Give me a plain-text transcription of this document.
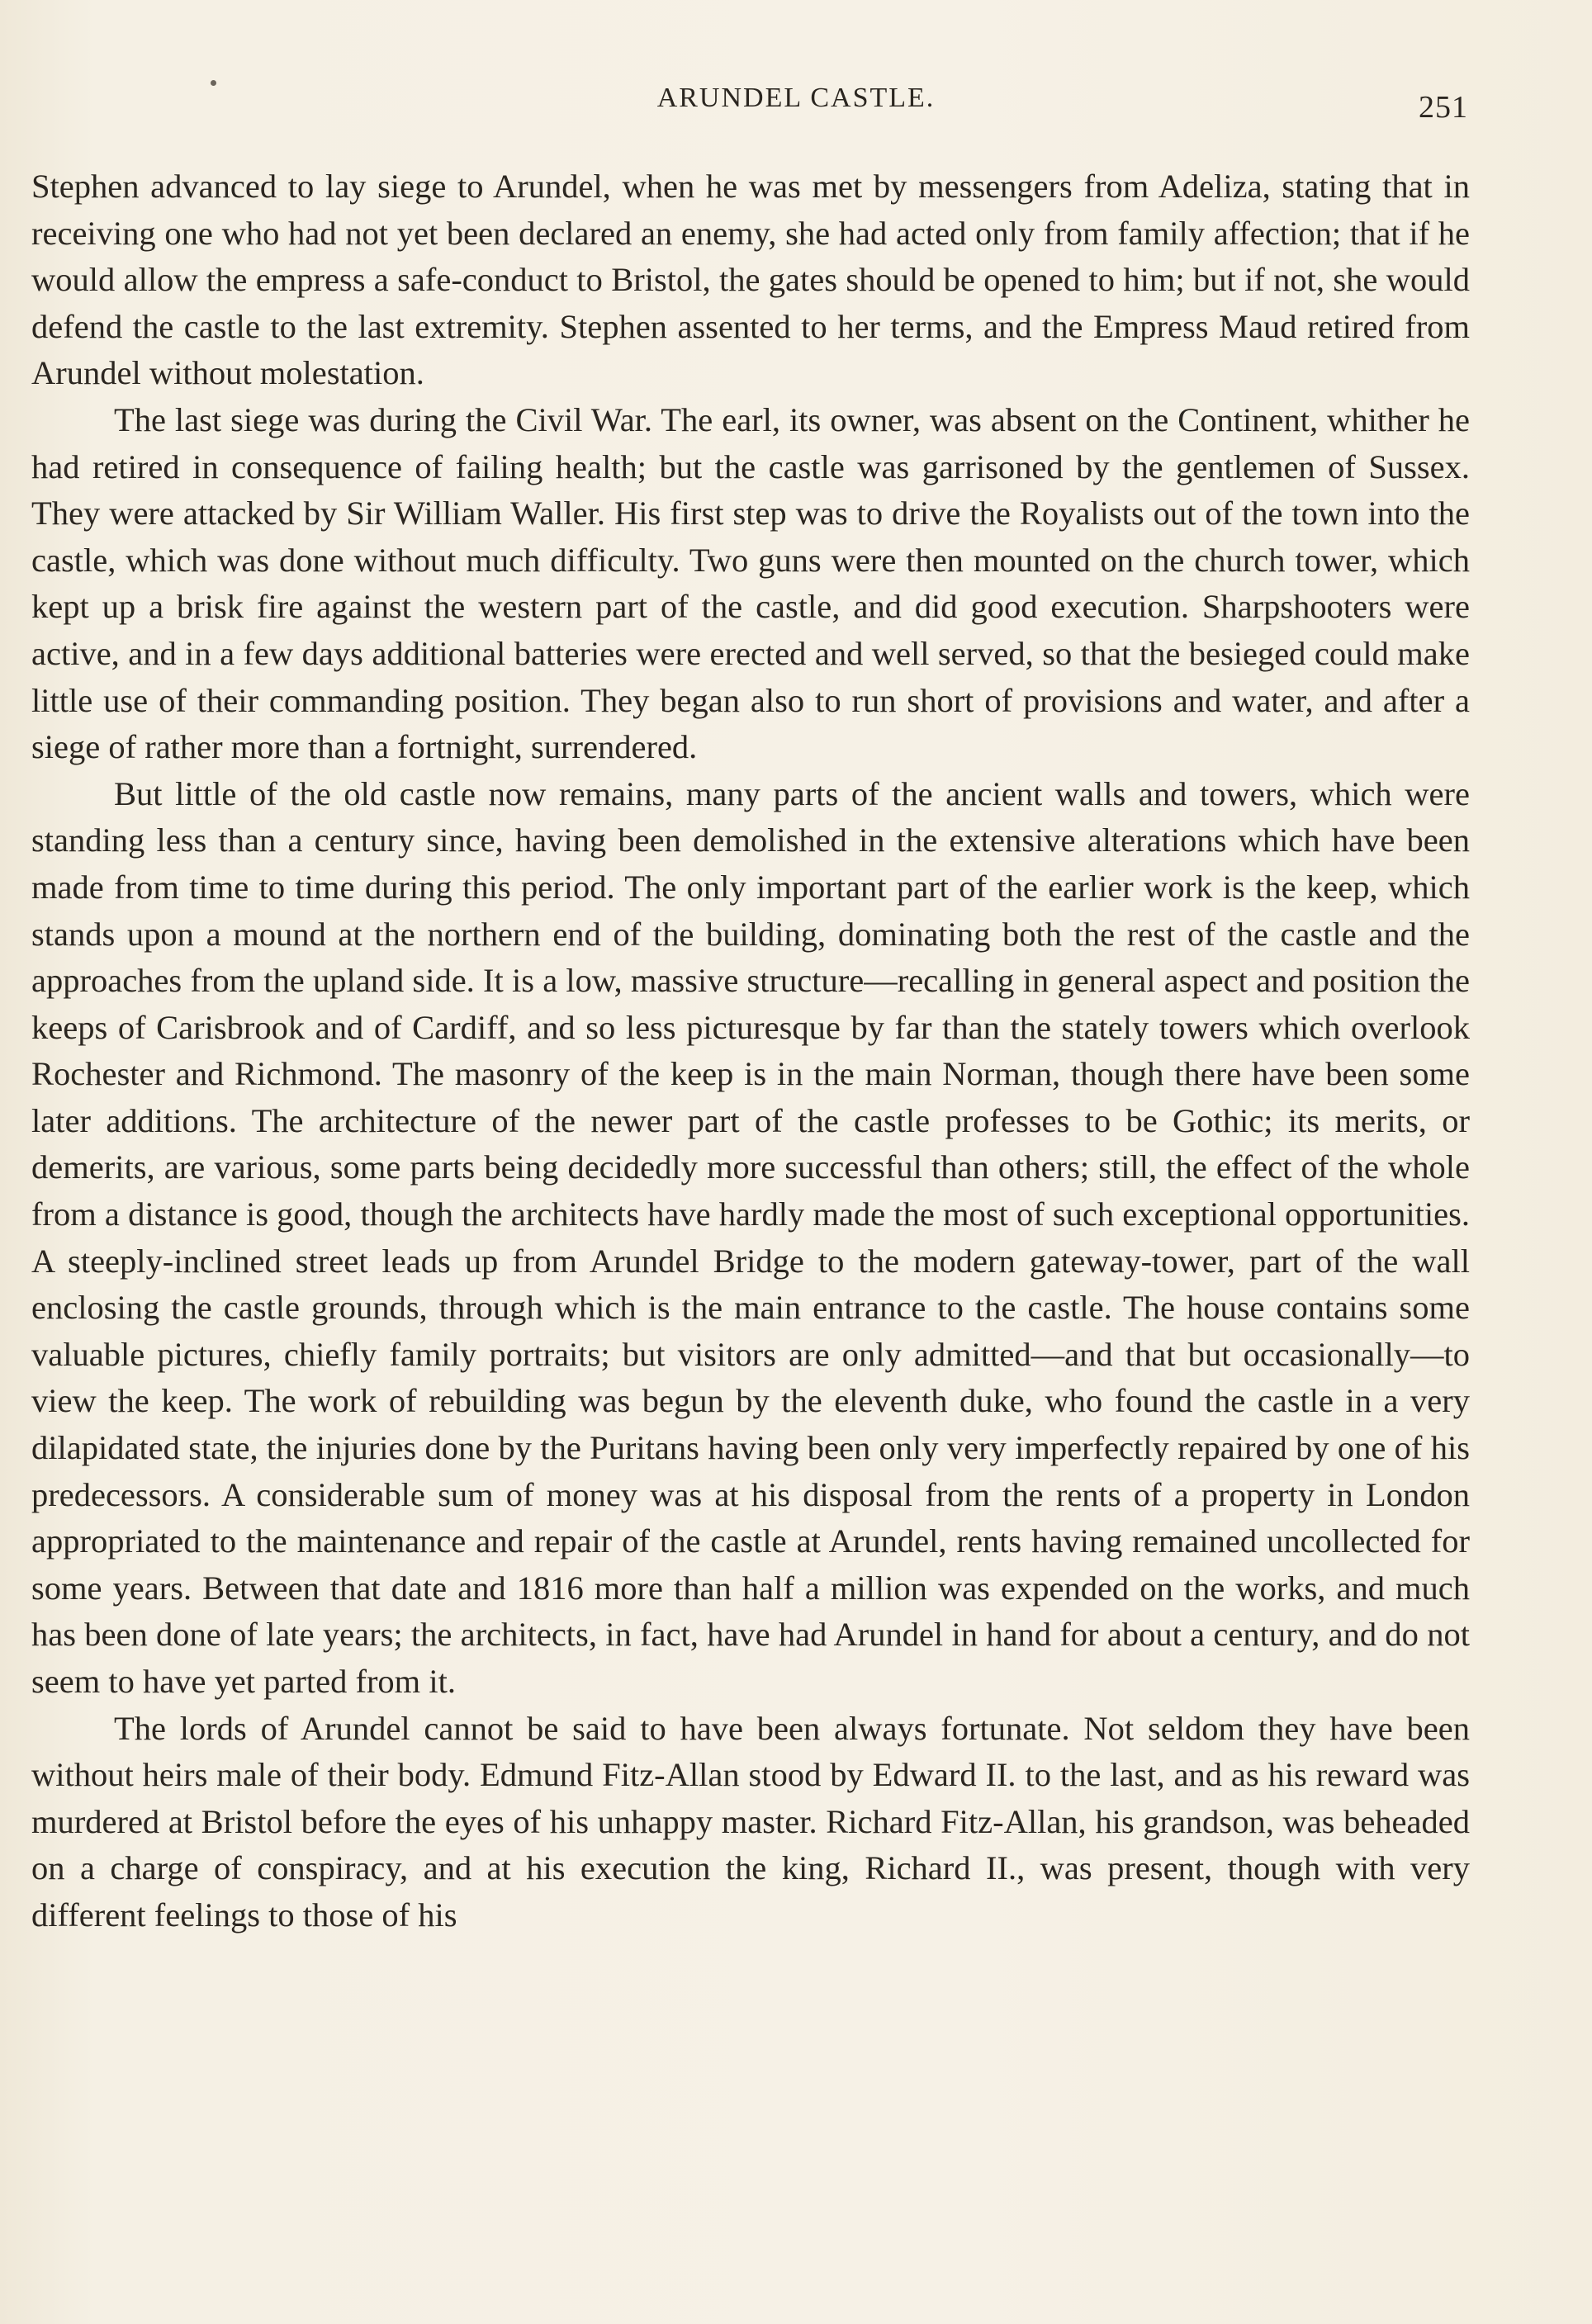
ARUNDEL CASTLE.	251

Stephen advanced to lay siege to Arundel, when he was met by messengers from Adeliza, stating that in receiving one who had not yet been declared an enemy, she had acted only from family affection; that if he would allow the empress a safe-conduct to Bristol, the gates should be opened to him; but if not, she would defend the castle to the last extremity. Stephen assented to her terms, and the Empress Maud retired from Arundel without molestation.

The last siege was during the Civil War. The earl, its owner, was absent on the Continent, whither he had retired in consequence of failing health; but the castle was garrisoned by the gentlemen of Sussex. They were attacked by Sir William Waller. His first step was to drive the Royalists out of the town into the castle, which was done without much difficulty. Two guns were then mounted on the church tower, which kept up a brisk fire against the western part of the castle, and did good execution. Sharpshooters were active, and in a few days additional batteries were erected and well served, so that the besieged could make little use of their commanding position. They began also to run short of provisions and water, and after a siege of rather more than a fortnight, surrendered.

But little of the old castle now remains, many parts of the ancient walls and towers, which were standing less than a century since, having been demolished in the extensive alterations which have been made from time to time during this period. The only important part of the earlier work is the keep, which stands upon a mound at the northern end of the building, dominating both the rest of the castle and the approaches from the upland side. It is a low, massive structure—recalling in general aspect and position the keeps of Carisbrook and of Cardiff, and so less picturesque by far than the stately towers which overlook Rochester and Richmond. The masonry of the keep is in the main Norman, though there have been some later additions. The architecture of the newer part of the castle professes to be Gothic; its merits, or demerits, are various, some parts being decidedly more successful than others; still, the effect of the whole from a distance is good, though the architects have hardly made the most of such exceptional opportunities. A steeply-inclined street leads up from Arundel Bridge to the modern gateway-tower, part of the wall enclosing the castle grounds, through which is the main entrance to the castle. The house contains some valuable pictures, chiefly family portraits; but visitors are only admitted—and that but occasionally—to view the keep. The work of rebuilding was begun by the eleventh duke, who found the castle in a very dilapidated state, the injuries done by the Puritans having been only very imperfectly repaired by one of his predecessors. A considerable sum of money was at his disposal from the rents of a property in London appropriated to the maintenance and repair of the castle at Arundel, rents having remained uncollected for some years. Between that date and 1816 more than half a million was expended on the works, and much has been done of late years; the architects, in fact, have had Arundel in hand for about a century, and do not seem to have yet parted from it.

The lords of Arundel cannot be said to have been always fortunate. Not seldom they have been without heirs male of their body. Edmund Fitz-Allan stood by Edward II. to the last, and as his reward was murdered at Bristol before the eyes of his unhappy master. Richard Fitz-Allan, his grandson, was beheaded on a charge of conspiracy, and at his execution the king, Richard II., was present, though with very different feelings to those of his
